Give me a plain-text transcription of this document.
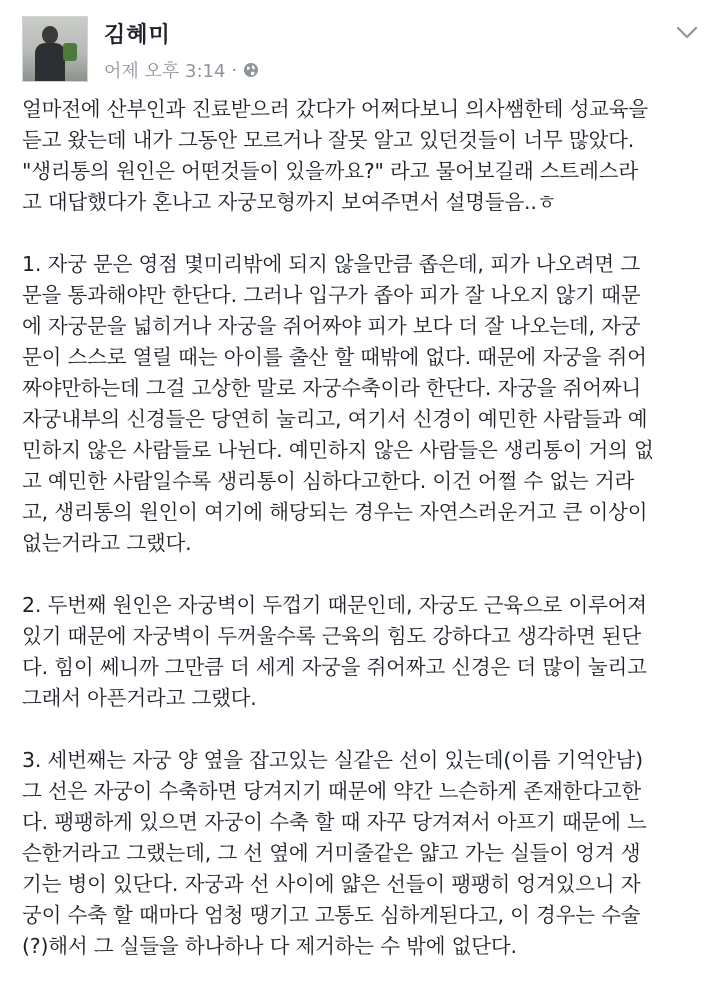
김혜미
어제 오후 3:14 ·

얼마전에 산부인과 진료받으러 갔다가 어쩌다보니 의사쌤한테 성교육을
듣고 왔는데 내가 그동안 모르거나 잘못 알고 있던것들이 너무 많았다.
"생리통의 원인은 어떤것들이 있을까요?" 라고 물어보길래 스트레스라
고 대답했다가 혼나고 자궁모형까지 보여주면서 설명들음..ㅎ

1. 자궁 문은 영점 몇미리밖에 되지 않을만큼 좁은데, 피가 나오려면 그
문을 통과해야만 한단다. 그러나 입구가 좁아 피가 잘 나오지 않기 때문
에 자궁문을 넓히거나 자궁을 쥐어짜야 피가 보다 더 잘 나오는데, 자궁
문이 스스로 열릴 때는 아이를 출산 할 때밖에 없다. 때문에 자궁을 쥐어
짜야만하는데 그걸 고상한 말로 자궁수축이라 한단다. 자궁을 쥐어짜니
자궁내부의 신경들은 당연히 눌리고, 여기서 신경이 예민한 사람들과 예
민하지 않은 사람들로 나뉜다. 예민하지 않은 사람들은 생리통이 거의 없
고 예민한 사람일수록 생리통이 심하다고한다. 이건 어쩔 수 없는 거라
고, 생리통의 원인이 여기에 해당되는 경우는 자연스러운거고 큰 이상이
없는거라고 그랬다.

2. 두번째 원인은 자궁벽이 두껍기 때문인데, 자궁도 근육으로 이루어져
있기 때문에 자궁벽이 두꺼울수록 근육의 힘도 강하다고 생각하면 된단
다. 힘이 쎄니까 그만큼 더 세게 자궁을 쥐어짜고 신경은 더 많이 눌리고
그래서 아픈거라고 그랬다.

3. 세번째는 자궁 양 옆을 잡고있는 실같은 선이 있는데(이름 기억안남)
그 선은 자궁이 수축하면 당겨지기 때문에 약간 느슨하게 존재한다고한
다. 팽팽하게 있으면 자궁이 수축 할 때 자꾸 당겨져서 아프기 때문에 느
슨한거라고 그랬는데, 그 선 옆에 거미줄같은 얇고 가는 실들이 엉겨 생
기는 병이 있단다. 자궁과 선 사이에 얇은 선들이 팽팽히 엉겨있으니 자
궁이 수축 할 때마다 엄청 땡기고 고통도 심하게된다고, 이 경우는 수술
(?)해서 그 실들을 하나하나 다 제거하는 수 밖에 없단다.
